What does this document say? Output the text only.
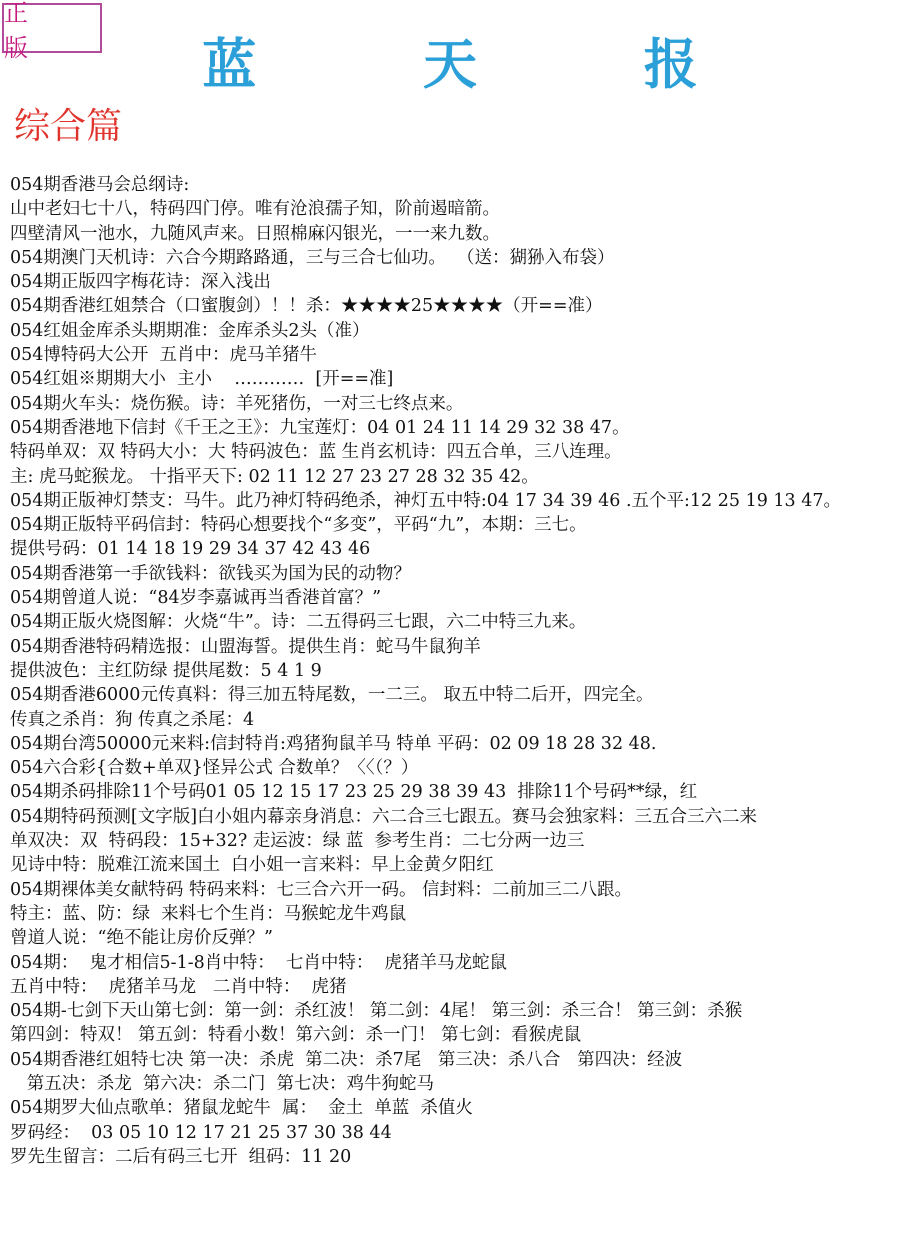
正 版	蓝 天 报
综合篇
054期香港马会总纲诗:
山中老妇七十八，特码四门停。唯有沧浪孺子知，阶前遏暗箭。
四壁清风一池水，九随风声来。日照棉麻闪银光，一一来九数。
054期澳门天机诗：六合今期路路通，三与三合七仙功。  （送：猢狲入布袋）
054期正版四字梅花诗：深入浅出
054期香港红姐禁合（口蜜腹剑）！！杀：★★★★25★★★★（开==准）
054红姐金库杀头期期准：金库杀头2头（准）
054博特码大公开  五肖中：虎马羊猪牛
054红姐※期期大小  主小    …………  [开==准]
054期火车头：烧伤猴。诗：羊死猪伤，一对三七终点来。
054期香港地下信封《千王之王》：九宝莲灯：04 01 24 11 14 29 32 38 47。
特码单双：双 特码大小：大 特码波色：蓝 生肖玄机诗：四五合单，三八连理。
主: 虎马蛇猴龙。 十指平天下: 02 11 12 27 23 27 28 32 35 42。
054期正版神灯禁支：马牛。此乃神灯特码绝杀，神灯五中特:04 17 34 39 46 .五个平:12 25 19 13 47。
054期正版特平码信封：特码心想要找个“多变”，平码“九”，本期：三七。
提供号码：01 14 18 19 29 34 37 42 43 46
054期香港第一手欲钱料：欲钱买为国为民的动物？
054期曾道人说：“84岁李嘉诚再当香港首富？”
054期正版火烧图解：火烧“牛”。诗：二五得码三七跟，六二中特三九来。
054期香港特码精选报：山盟海誓。提供生肖：蛇马牛鼠狗羊
提供波色：主红防绿 提供尾数：5 4 1 9
054期香港6000元传真料：得三加五特尾数，一二三。 取五中特二后开，四完全。
传真之杀肖：狗 传真之杀尾：4
054期台湾50000元来料:信封特肖:鸡猪狗鼠羊马 特单 平码：02 09 18 28 32 48.
054六合彩{合数+单双}怪异公式 合数单？〈〈（？）
054期杀码排除11个号码01 05 12 15 17 23 25 29 38 39 43  排除11个号码**绿，红
054期特码预测[文字版]白小姐内幕亲身消息：六二合三七跟五。赛马会独家料：三五合三六二来
单双决：双  特码段：15+32? 走运波：绿 蓝  参考生肖：二七分两一边三
见诗中特：脱难江流来国土  白小姐一言来料：早上金黄夕阳红
054期裸体美女献特码 特码来料：七三合六开一码。 信封料：二前加三二八跟。
特主：蓝、防：绿  来料七个生肖：马猴蛇龙牛鸡鼠
曾道人说：“绝不能让房价反弹？”
054期：  鬼才相信5-1-8肖中特：  七肖中特：  虎猪羊马龙蛇鼠
五肖中特：  虎猪羊马龙   二肖中特：  虎猪
054期-七剑下天山第七剑：第一剑：杀红波！ 第二剑：4尾！ 第三剑：杀三合！ 第三剑：杀猴
第四剑：特双！ 第五剑：特看小数！第六剑：杀一门！ 第七剑：看猴虎鼠
054期香港红姐特七决 第一决：杀虎  第二决：杀7尾   第三决：杀八合   第四决：经波
第五决：杀龙  第六决：杀二门  第七决：鸡牛狗蛇马
054期罗大仙点歌单：猪鼠龙蛇牛  属：  金土  单蓝  杀值火
罗码经：  03 05 10 12 17 21 25 37 30 38 44
罗先生留言：二后有码三七开  组码：11 20
